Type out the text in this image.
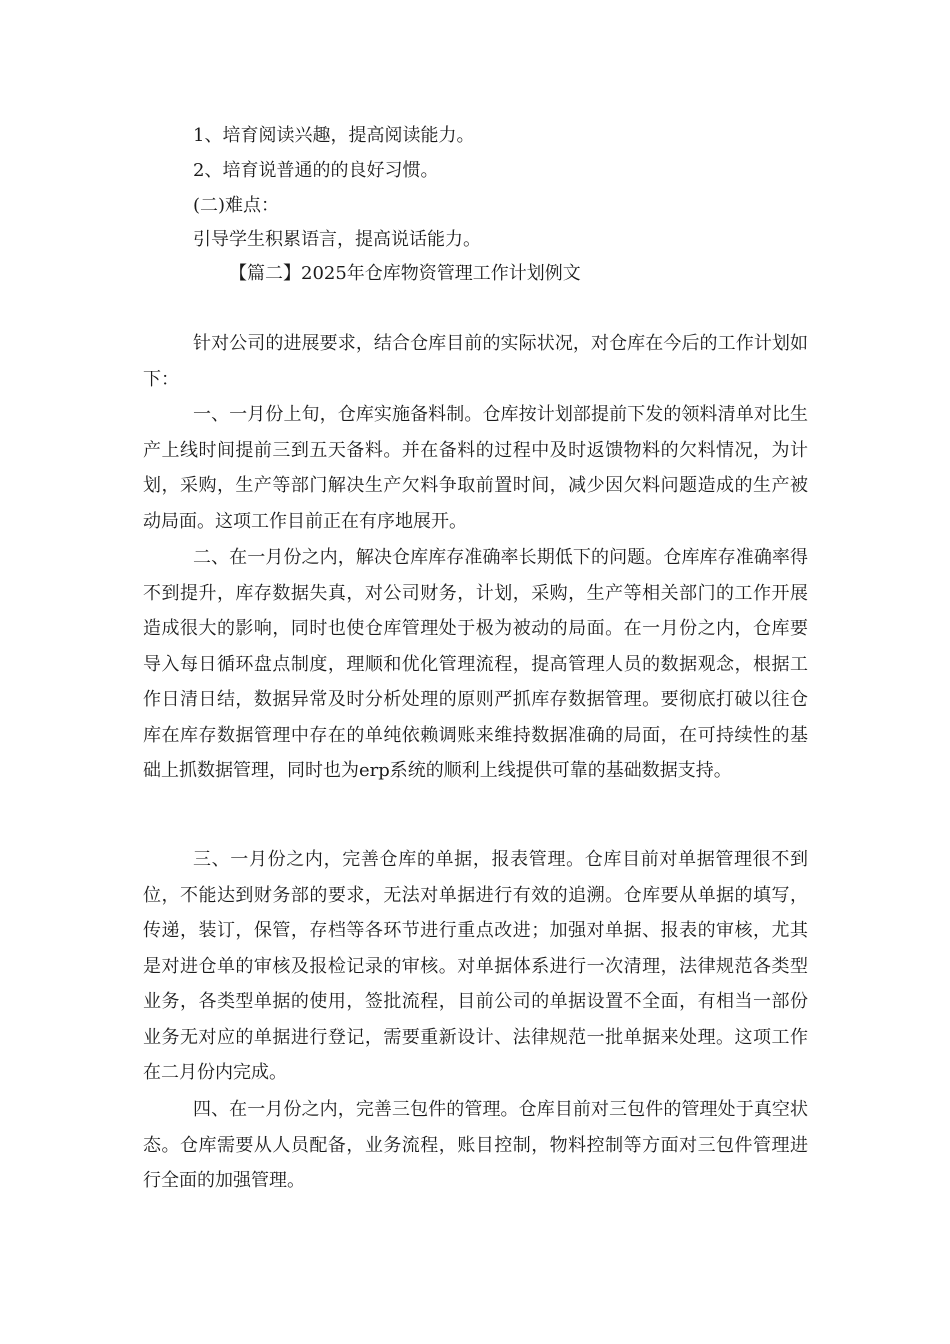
1、培育阅读兴趣，提高阅读能力。
2、培育说普通的的良好习惯。
(二)难点：
引导学生积累语言，提高说话能力。
【篇二】2025年仓库物资管理工作计划例文

针对公司的进展要求，结合仓库目前的实际状况，对仓库在今后的工作计划如下：

一、一月份上旬，仓库实施备料制。仓库按计划部提前下发的领料清单对比生产上线时间提前三到五天备料。并在备料的过程中及时返馈物料的欠料情况，为计划，采购，生产等部门解决生产欠料争取前置时间，减少因欠料问题造成的生产被动局面。这项工作目前正在有序地展开。

二、在一月份之内，解决仓库库存准确率长期低下的问题。仓库库存准确率得不到提升，库存数据失真，对公司财务，计划，采购，生产等相关部门的工作开展造成很大的影响，同时也使仓库管理处于极为被动的局面。在一月份之内，仓库要导入每日循环盘点制度，理顺和优化管理流程，提高管理人员的数据观念，根据工作日清日结，数据异常及时分析处理的原则严抓库存数据管理。要彻底打破以往仓库在库存数据管理中存在的单纯依赖调账来维持数据准确的局面，在可持续性的基础上抓数据管理，同时也为erp系统的顺利上线提供可靠的基础数据支持。

三、一月份之内，完善仓库的单据，报表管理。仓库目前对单据管理很不到位，不能达到财务部的要求，无法对单据进行有效的追溯。仓库要从单据的填写，传递，装订，保管，存档等各环节进行重点改进；加强对单据、报表的审核，尤其是对进仓单的审核及报检记录的审核。对单据体系进行一次清理，法律规范各类型业务，各类型单据的使用，签批流程，目前公司的单据设置不全面，有相当一部份业务无对应的单据进行登记，需要重新设计、法律规范一批单据来处理。这项工作在二月份内完成。

四、在一月份之内，完善三包件的管理。仓库目前对三包件的管理处于真空状态。仓库需要从人员配备，业务流程，账目控制，物料控制等方面对三包件管理进行全面的加强管理。
